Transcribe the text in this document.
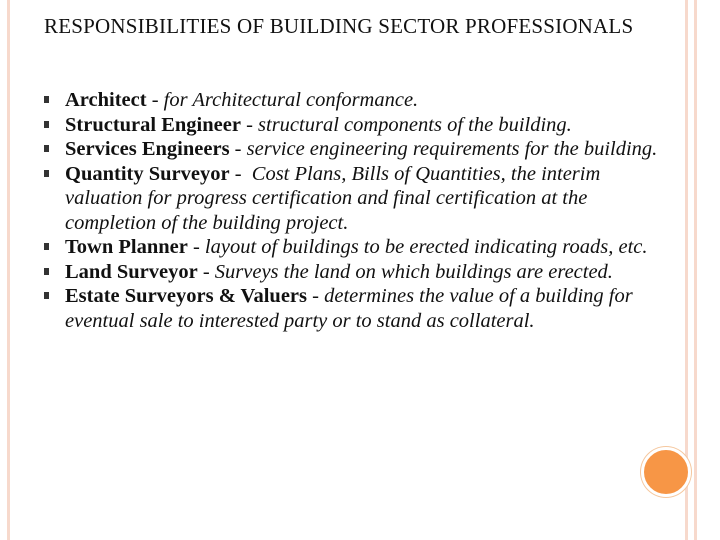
RESPONSIBILITIES OF BUILDING SECTOR PROFESSIONALS
Architect - for Architectural conformance.
Structural Engineer - structural components of the building.
Services Engineers - service engineering requirements for the building.
Quantity Surveyor -  Cost Plans, Bills of Quantities, the interim valuation for progress certification and final certification at the completion of the building project.
Town Planner - layout of buildings to be erected indicating roads, etc.
Land Surveyor - Surveys the land on which buildings are erected.
Estate Surveyors & Valuers - determines the value of a building for eventual sale to interested party or to stand as collateral.
